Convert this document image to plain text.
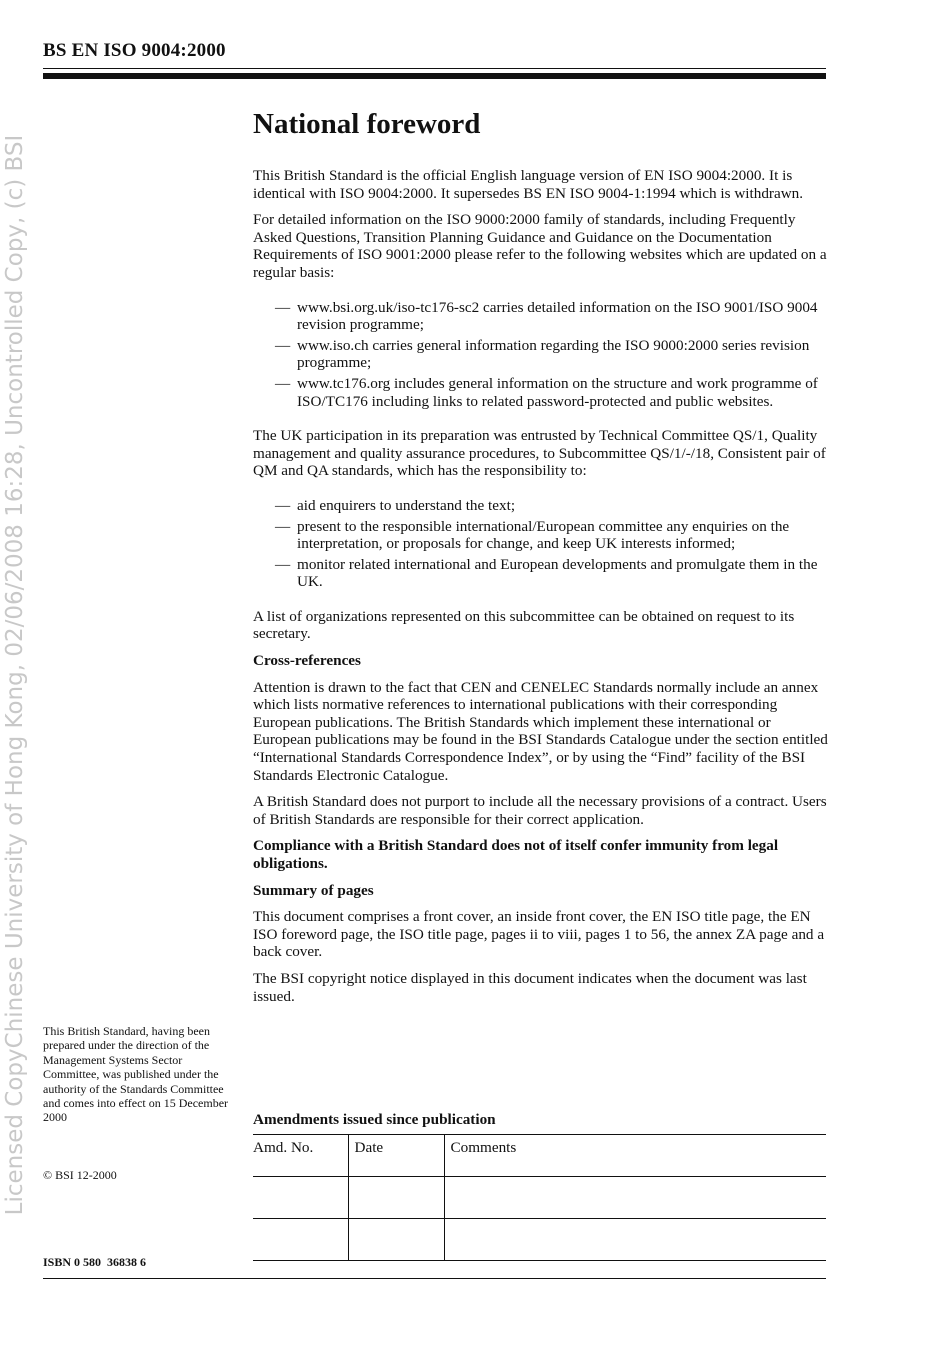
BS EN ISO 9004:2000
Licensed CopyChinese University of Hong Kong, 02/06/2008 16:28, Uncontrolled Copy, (c) BSI
National foreword

This British Standard is the official English language version of EN ISO 9004:2000. It is identical with ISO 9004:2000. It supersedes BS EN ISO 9004-1:1994 which is withdrawn.

For detailed information on the ISO 9000:2000 family of standards, including Frequently Asked Questions, Transition Planning Guidance and Guidance on the Documentation Requirements of ISO 9001:2000 please refer to the following websites which are updated on a regular basis:

— www.bsi.org.uk/iso-tc176-sc2 carries detailed information on the ISO 9001/ISO 9004 revision programme;
— www.iso.ch carries general information regarding the ISO 9000:2000 series revision programme;
— www.tc176.org includes general information on the structure and work programme of ISO/TC176 including links to related password-protected and public websites.

The UK participation in its preparation was entrusted by Technical Committee QS/1, Quality management and quality assurance procedures, to Subcommittee QS/1/-/18, Consistent pair of QM and QA standards, which has the responsibility to:

— aid enquirers to understand the text;
— present to the responsible international/European committee any enquiries on the interpretation, or proposals for change, and keep UK interests informed;
— monitor related international and European developments and promulgate them in the UK.

A list of organizations represented on this subcommittee can be obtained on request to its secretary.

Cross-references

Attention is drawn to the fact that CEN and CENELEC Standards normally include an annex which lists normative references to international publications with their corresponding European publications. The British Standards which implement these international or European publications may be found in the BSI Standards Catalogue under the section entitled “International Standards Correspondence Index”, or by using the “Find” facility of the BSI Standards Electronic Catalogue.

A British Standard does not purport to include all the necessary provisions of a contract. Users of British Standards are responsible for their correct application.

Compliance with a British Standard does not of itself confer immunity from legal obligations.

Summary of pages

This document comprises a front cover, an inside front cover, the EN ISO title page, the EN ISO foreword page, the ISO title page, pages ii to viii, pages 1 to 56, the annex ZA page and a back cover.

The BSI copyright notice displayed in this document indicates when the document was last issued.

This British Standard, having been prepared under the direction of the Management Systems Sector Committee, was published under the authority of the Standards Committee and comes into effect on 15 December 2000
© BSI 12-2000
ISBN 0 580  36838 6
Amendments issued since publication
Amd. No.	Date	Comments
